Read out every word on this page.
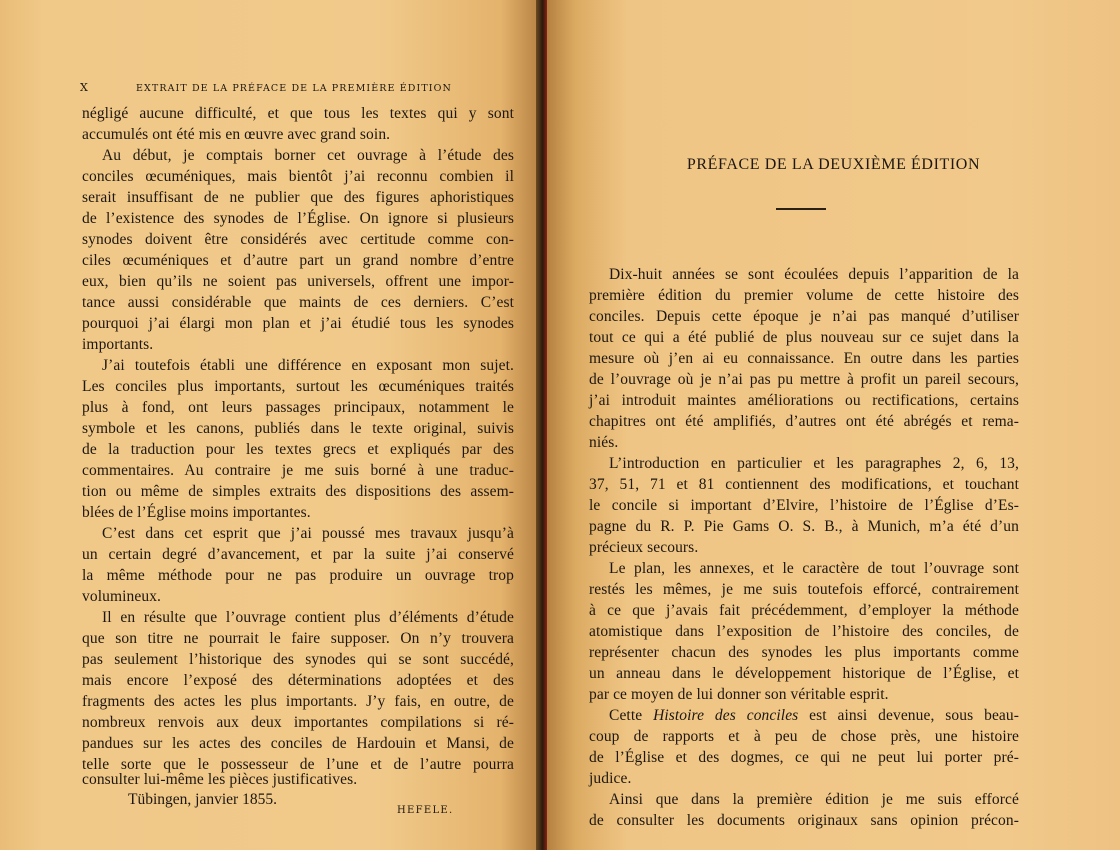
X	EXTRAIT DE LA PRÉFACE DE LA PREMIÈRE ÉDITION
négligé aucune difficulté, et que tous les textes qui y sont
accumulés ont été mis en œuvre avec grand soin.
Au début, je comptais borner cet ouvrage à l’étude des
conciles œcuméniques, mais bientôt j’ai reconnu combien il
serait insuffisant de ne publier que des figures aphoristiques
de l’existence des synodes de l’Église. On ignore si plusieurs
synodes doivent être considérés avec certitude comme con-
ciles œcuméniques et d’autre part un grand nombre d’entre
eux, bien qu’ils ne soient pas universels, offrent une impor-
tance aussi considérable que maints de ces derniers. C’est
pourquoi j’ai élargi mon plan et j’ai étudié tous les synodes
importants.
J’ai toutefois établi une différence en exposant mon sujet.
Les conciles plus importants, surtout les œcuméniques traités
plus à fond, ont leurs passages principaux, notamment le
symbole et les canons, publiés dans le texte original, suivis
de la traduction pour les textes grecs et expliqués par des
commentaires. Au contraire je me suis borné à une traduc-
tion ou même de simples extraits des dispositions des assem-
blées de l’Église moins importantes.
C’est dans cet esprit que j’ai poussé mes travaux jusqu’à
un certain degré d’avancement, et par la suite j’ai conservé
la même méthode pour ne pas produire un ouvrage trop
volumineux.
Il en résulte que l’ouvrage contient plus d’éléments d’étude
que son titre ne pourrait le faire supposer. On n’y trouvera
pas seulement l’historique des synodes qui se sont succédé,
mais encore l’exposé des déterminations adoptées et des
fragments des actes les plus importants. J’y fais, en outre, de
nombreux renvois aux deux importantes compilations si ré-
pandues sur les actes des conciles de Hardouin et Mansi, de
telle sorte que le possesseur de l’une et de l’autre pourra
consulter lui-même les pièces justificatives.
Tübingen, janvier 1855.
HEFELE.
PRÉFACE DE LA DEUXIÈME ÉDITION
Dix-huit années se sont écoulées depuis l’apparition de la
première édition du premier volume de cette histoire des
conciles. Depuis cette époque je n’ai pas manqué d’utiliser
tout ce qui a été publié de plus nouveau sur ce sujet dans la
mesure où j’en ai eu connaissance. En outre dans les parties
de l’ouvrage où je n’ai pas pu mettre à profit un pareil secours,
j’ai introduit maintes améliorations ou rectifications, certains
chapitres ont été amplifiés, d’autres ont été abrégés et rema-
niés.
L’introduction en particulier et les paragraphes 2, 6, 13,
37, 51, 71 et 81 contiennent des modifications, et touchant
le concile si important d’Elvire, l’histoire de l’Église d’Es-
pagne du R. P. Pie Gams O. S. B., à Munich, m’a été d’un
précieux secours.
Le plan, les annexes, et le caractère de tout l’ouvrage sont
restés les mêmes, je me suis toutefois efforcé, contrairement
à ce que j’avais fait précédemment, d’employer la méthode
atomistique dans l’exposition de l’histoire des conciles, de
représenter chacun des synodes les plus importants comme
un anneau dans le développement historique de l’Église, et
par ce moyen de lui donner son véritable esprit.
Cette Histoire des conciles est ainsi devenue, sous beau-
coup de rapports et à peu de chose près, une histoire
de l’Église et des dogmes, ce qui ne peut lui porter pré-
judice.
Ainsi que dans la première édition je me suis efforcé
de consulter les documents originaux sans opinion précon-
